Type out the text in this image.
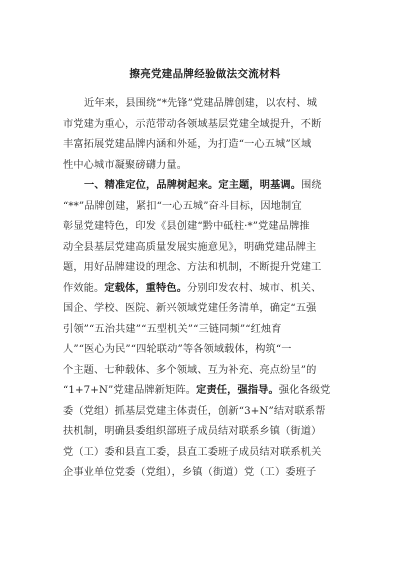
擦亮党建品牌经验做法交流材料
近年来，县围绕“*先锋”党建品牌创建，以农村、城
市党建为重心，示范带动各领域基层党建全域提升，不断
丰富拓展党建品牌内涵和外延，为打造“一心五城”区域
性中心城市凝聚磅礴力量。
一、精准定位，品牌树起来。定主题，明基调。围绕
“**”品牌创建，紧扣“一心五城”奋斗目标，因地制宜
彰显党建特色，印发《县创建“黔中砥柱·*”党建品牌推
动全县基层党建高质量发展实施意见》，明确党建品牌主
题，用好品牌建设的理念、方法和机制，不断提升党建工
作效能。定载体，重特色。分别印发农村、城市、机关、
国企、学校、医院、新兴领域党建任务清单，确定“五强
引领”“五治共建”“五型机关”“三链同频”“红烛育
人”“医心为民”“四轮联动”等各领域载体，构筑“一
个主题、七种载体、多个领域、互为补充、亮点纷呈”的
“1+7+N”党建品牌新矩阵。定责任，强指导。强化各级党
委（党组）抓基层党建主体责任，创新“3+N”结对联系帮
扶机制，明确县委组织部班子成员结对联系乡镇（街道）
党（工）委和县直工委，县直工委班子成员结对联系机关
企事业单位党委（党组），乡镇（街道）党（工）委班子
